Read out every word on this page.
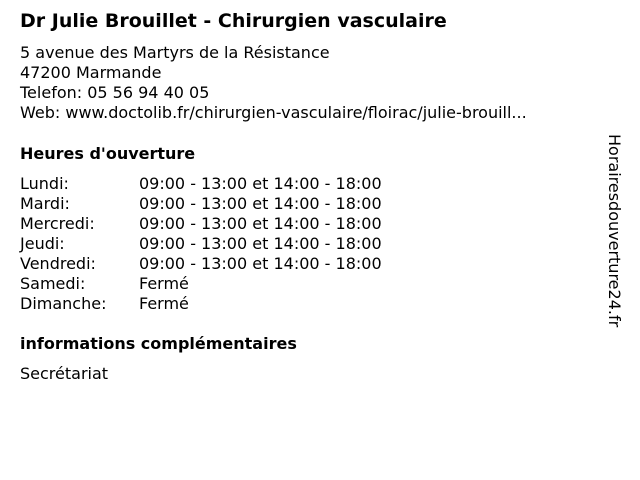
Dr Julie Brouillet - Chirurgien vasculaire
5 avenue des Martyrs de la Résistance
47200 Marmande
Telefon: 05 56 94 40 05
Web: www.doctolib.fr/chirurgien-vasculaire/floirac/julie-brouill...
Heures d'ouverture
Lundi:	09:00 - 13:00 et 14:00 - 18:00
Mardi:	09:00 - 13:00 et 14:00 - 18:00
Mercredi:	09:00 - 13:00 et 14:00 - 18:00
Jeudi:	09:00 - 13:00 et 14:00 - 18:00
Vendredi:	09:00 - 13:00 et 14:00 - 18:00
Samedi:	Fermé
Dimanche:	Fermé
informations complémentaires
Secrétariat
Horairesdouverture24.fr
